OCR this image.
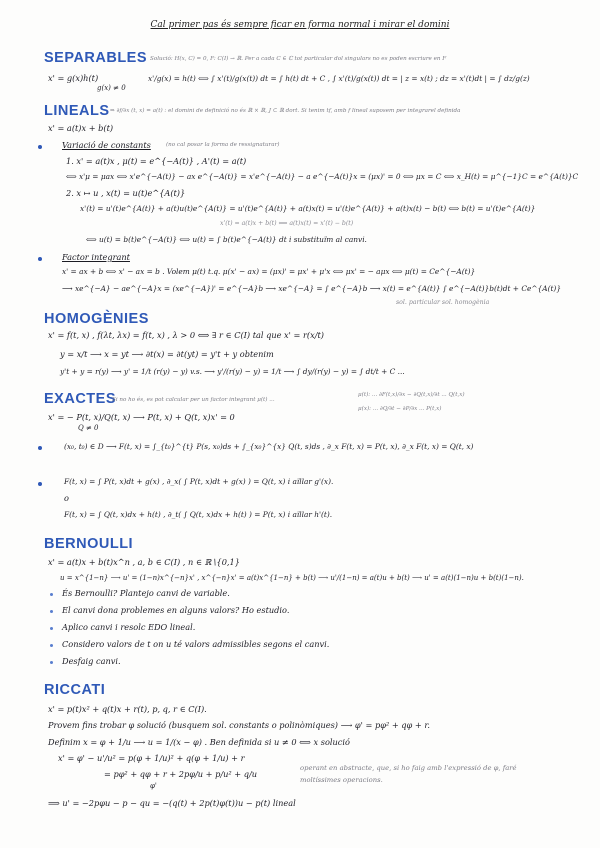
Cal primer pas és sempre ficar en forma normal i mirar el domini
SEPARABLES Solució: H(x, C) = 0, F: C(I) → ℝ. Per a cada C ∈ ℂ tot particular dol singulars no es poden escriure en F
x' = g(x)h(t)
g(x) ≠ 0
x'/g(x) = h(t) ⟺ ∫ x'(t)/g(x(t)) dt = ∫ h(t) dt + C , ∫ x'(t)/g(x(t)) dt = | z = x(t) ; dz = x'(t)dt | = ∫ dz/g(z)
LINEALS ⇒ ∂f/∂x (t, x) = a(t) : el domini de definició no és ℝ × ℝ, J ⊂ ℝ dort. Si tenim tf, amb f lineal suposem per integrarel definida
x' = a(t)x + b(t)
Variació de constants	(no cal posar la forma de ressignaturar)
1. x' = a(t)x , μ(t) = e^{−A(t)} , A'(t) = a(t)
⟺ x'μ = μax ⟺ x'e^{−A(t)} − ax e^{−A(t)} = x'e^{−A(t)} − a e^{−A(t)}x = (μx)' = 0 ⟺ μx = C ⟺ x_H(t) = μ^{−1}C = e^{A(t)}C
2. x ↦ u , x(t) = u(t)e^{A(t)}
x'(t) = u'(t)e^{A(t)} + a(t)u(t)e^{A(t)} = u'(t)e^{A(t)} + a(t)x(t) = u'(t)e^{A(t)} + a(t)x(t) − b(t) ⟺ b(t) = u'(t)e^{A(t)}
x'(t) = a(t)x + b(t) ⟸ a(t)x(t) = x'(t) − b(t)
⟺ u(t) = b(t)e^{−A(t)} ⟺ u(t) = ∫ b(t)e^{−A(t)} dt i substituïm al canvi.
Factor integrant
x' = ax + b ⟺ x' − ax = b . Volem μ(t) t.q. μ(x' − ax) = (μx)' = μx' + μ'x ⟺ μx' = − aμx ⟺ μ(t) = Ce^{−A(t)}
⟶ xe^{−A} − ae^{−A}x = (xe^{−A})' = e^{−A}b ⟶ xe^{−A} = ∫ e^{−A}b ⟶ x(t) = e^{A(t)} ∫ e^{−A(t)}b(t)dt + Ce^{A(t)}
sol. particular sol. homogènia
HOMOGÈNIES
x' = f(t, x) , f(λt, λx) = f(t, x) , λ > 0 ⟺ ∃ r ∈ C(I) tal que x' = r(x/t)
y = x/t ⟶ x = yt ⟶ ∂t(x) = ∂t(yt) = y't + y obtenim
y't + y = r(y) ⟶ y' = 1/t (r(y) − y) v.s. ⟶ y'/(r(y) − y) = 1/t ⟶ ∫ dy/(r(y) − y) = ∫ dt/t + C ...
EXACTES
Si no ho és, es pot calcular per un factor integrant μ(t) ...
μ(t): ... ∂F(t,x)/∂x − ∂Q(t,x)/∂t ... Q(t,x)
μ(x): ... ∂Q/∂t − ∂P/∂x ... P(t,x)
x' = − P(t, x)/Q(t, x) ⟶ P(t, x) + Q(t, x)x' = 0
Q ≠ 0
(x₀, t₀) ∈ D ⟶ F(t, x) = ∫_{t₀}^{t} P(s, x₀)ds + ∫_{x₀}^{x} Q(t, s)ds , ∂_x F(t, x) = P(t, x), ∂_x F(t, x) = Q(t, x)
F(t, x) = ∫ P(t, x)dt + g(x) , ∂_x( ∫ P(t, x)dt + g(x) ) = Q(t, x) i aïllar g'(x).
o
F(t, x) = ∫ Q(t, x)dx + h(t) , ∂_t( ∫ Q(t, x)dx + h(t) ) = P(t, x) i aïllar h'(t).
BERNOULLI
x' = a(t)x + b(t)x^n , a, b ∈ C(I) , n ∈ ℝ∖{0,1}
u = x^{1−n} ⟶ u' = (1−n)x^{−n}x' , x^{−n}x' = a(t)x^{1−n} + b(t) ⟶ u'/(1−n) = a(t)u + b(t) ⟶ u' = a(t)(1−n)u + b(t)(1−n).
És Bernoulli? Plantejo canvi de variable.
El canvi dona problemes en alguns valors? Ho estudio.
Aplico canvi i resolc EDO lineal.
Considero valors de t on u té valors admissibles segons el canvi.
Desfaig canvi.
RICCATI
x' = p(t)x² + q(t)x + r(t), p, q, r ∈ C(I).
Provem fins trobar φ solució (busquem sol. constants o polinòmiques) ⟶ φ' = pφ² + qφ + r.
Definim x = φ + 1/u ⟶ u = 1/(x − φ) . Ben definida si u ≠ 0 ⟺ x solució
x' = φ' − u'/u² = p(φ + 1/u)² + q(φ + 1/u) + r
= pφ² + qφ + r + 2pφ/u + p/u² + q/u
φ'
operant en abstracte, que, si ho faig amb l'expressió de φ, faré moltíssimes operacions.
⟹ u' = −2pφu − p − qu = −(q(t) + 2p(t)φ(t))u − p(t) lineal
